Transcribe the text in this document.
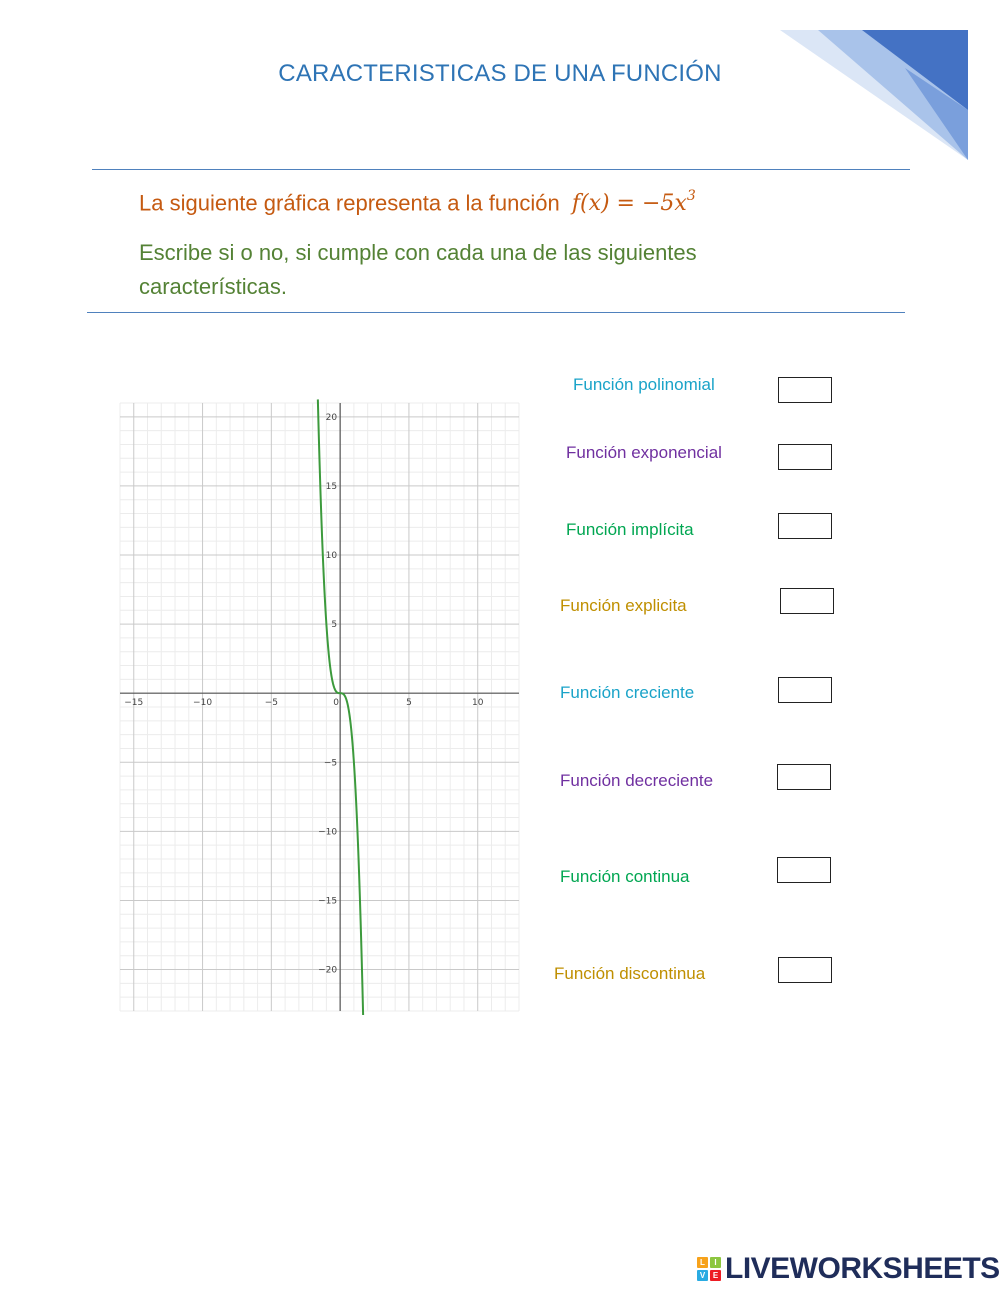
CARACTERISTICAS DE UNA FUNCIÓN
La siguiente gráfica representa a la función $f(x) = -5x^3$
Escribe si o no, si cumple con cada una de las siguientes características.
−15	−10	−5	0	5	10
20
15
10
5
−5
−10
−15
−20
Función polinomial
Función exponencial
Función implícita
Función explicita
Función creciente
Función decreciente
Función continua
Función discontinua
L	I
V E LIVEWORKSHEETS
